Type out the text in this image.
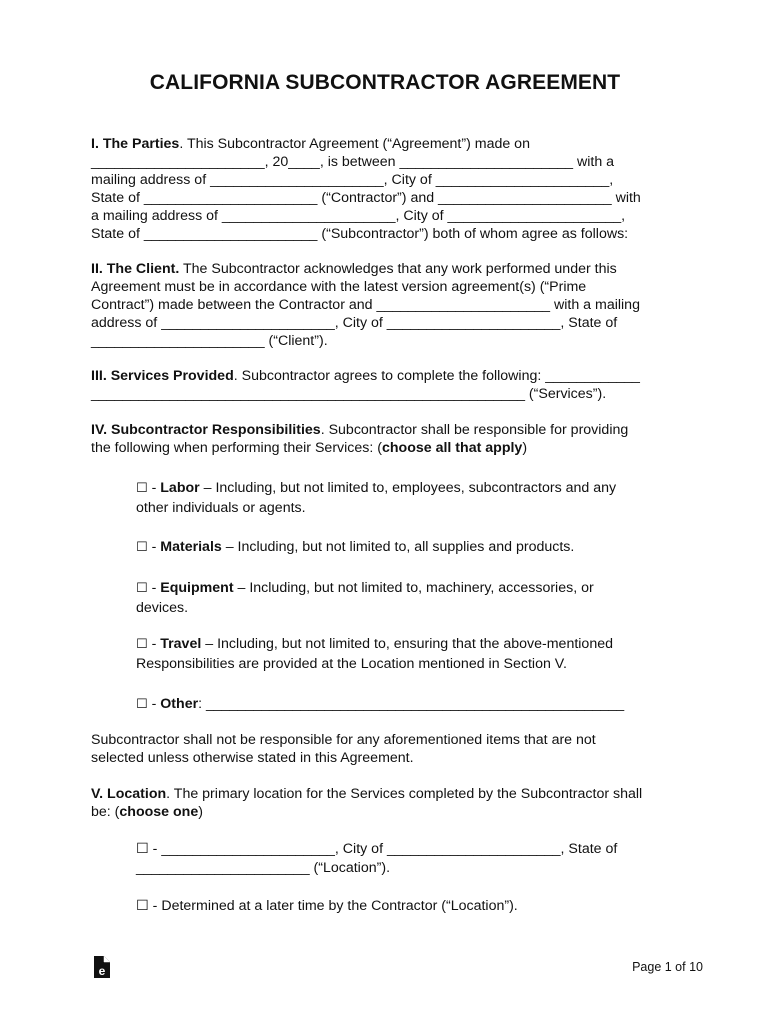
CALIFORNIA SUBCONTRACTOR AGREEMENT
I. The Parties. This Subcontractor Agreement (“Agreement”) made on
______________________, 20____, is between ______________________ with a
mailing address of ______________________, City of ______________________,
State of ______________________ (“Contractor”) and ______________________ with
a mailing address of ______________________, City of ______________________,
State of ______________________ (“Subcontractor”) both of whom agree as follows:
II. The Client. The Subcontractor acknowledges that any work performed under this
Agreement must be in accordance with the latest version agreement(s) (“Prime
Contract”) made between the Contractor and ______________________ with a mailing
address of ______________________, City of ______________________, State of
______________________ (“Client”).
III. Services Provided. Subcontractor agrees to complete the following: ____________
_______________________________________________________ (“Services”).
IV. Subcontractor Responsibilities. Subcontractor shall be responsible for providing
the following when performing their Services: (choose all that apply)
☐ - Labor – Including, but not limited to, employees, subcontractors and any
other individuals or agents.
☐ - Materials – Including, but not limited to, all supplies and products.
☐ - Equipment – Including, but not limited to, machinery, accessories, or
devices.
☐ - Travel – Including, but not limited to, ensuring that the above-mentioned
Responsibilities are provided at the Location mentioned in Section V.
☐ - Other: _____________________________________________________
Subcontractor shall not be responsible for any aforementioned items that are not
selected unless otherwise stated in this Agreement.
V. Location. The primary location for the Services completed by the Subcontractor shall
be: (choose one)
☐ - ______________________, City of ______________________, State of
______________________ (“Location”).
☐ - Determined at a later time by the Contractor (“Location”).
e	Page 1 of 10
